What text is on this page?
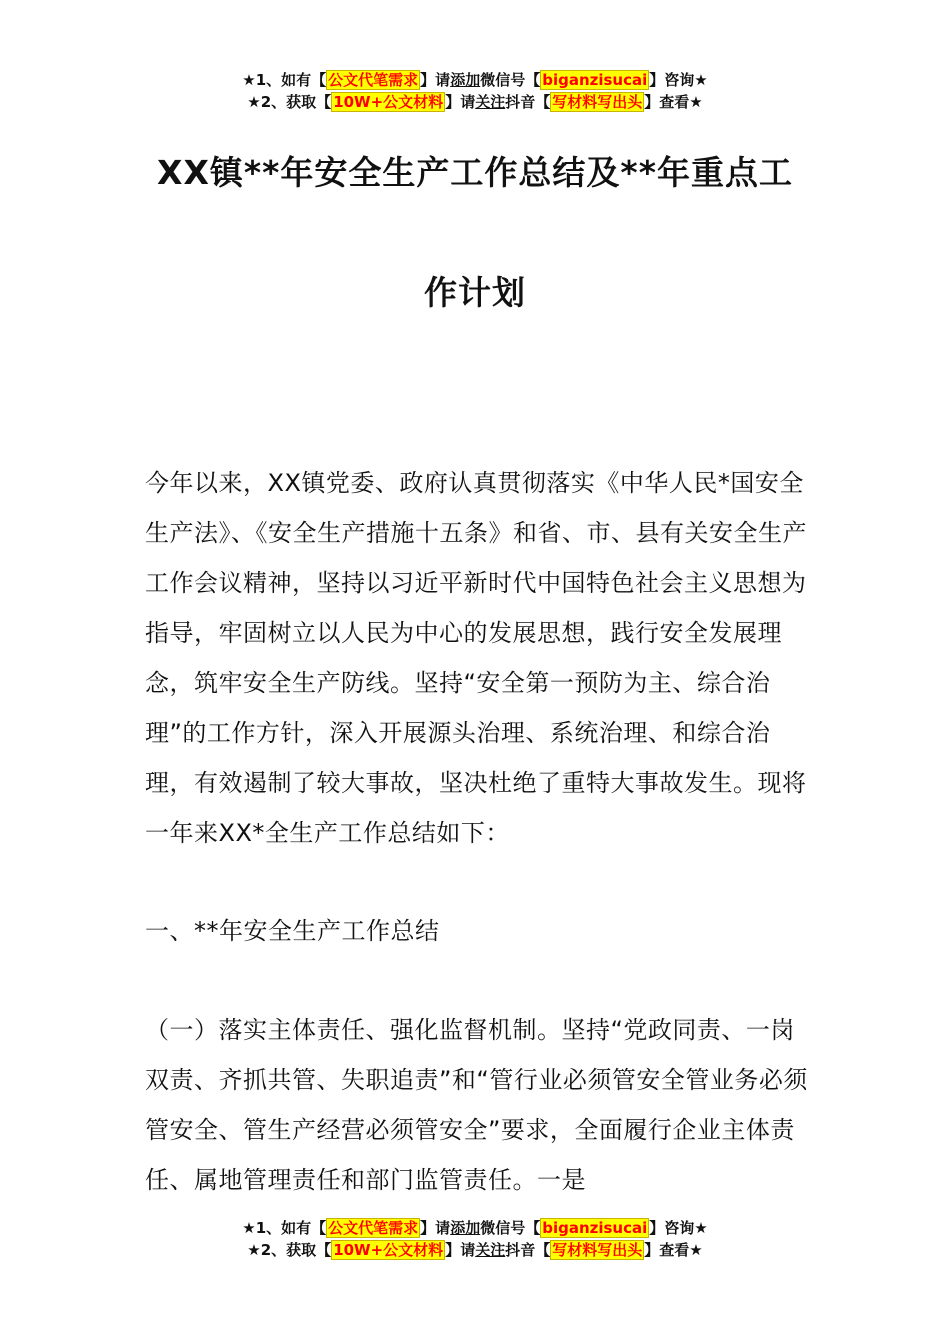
★1、如有【 公文代笔需求 】请添加微信号【 biganzisucai 】咨询★
★2、获取【 10W+公文材料 】请关注抖音【 写材料写出头 】查看★
XX镇**年安全生产工作总结及**年重点工
作计划

今年以来，XX镇党委、政府认真贯彻落实《中华人民*国安全生产法》、《安全生产措施十五条》和省、市、县有关安全生产工作会议精神，坚持以习近平新时代中国特色社会主义思想为指导，牢固树立以人民为中心的发展思想，践行安全发展理念，筑牢安全生产防线。坚持“安全第一预防为主、综合治理”的工作方针，深入开展源头治理、系统治理、和综合治理，有效遏制了较大事故，坚决杜绝了重特大事故发生。现将一年来XX*全生产工作总结如下：

一、**年安全生产工作总结

（一）落实主体责任、强化监督机制。坚持“党政同责、一岗双责、齐抓共管、失职追责”和“管行业必须管安全管业务必须管安全、管生产经营必须管安全”要求，全面履行企业主体责任、属地管理责任和部门监管责任。一是

★1、如有【 公文代笔需求 】请添加微信号【 biganzisucai 】咨询★
★2、获取【 10W+公文材料 】请关注抖音【 写材料写出头 】查看★
